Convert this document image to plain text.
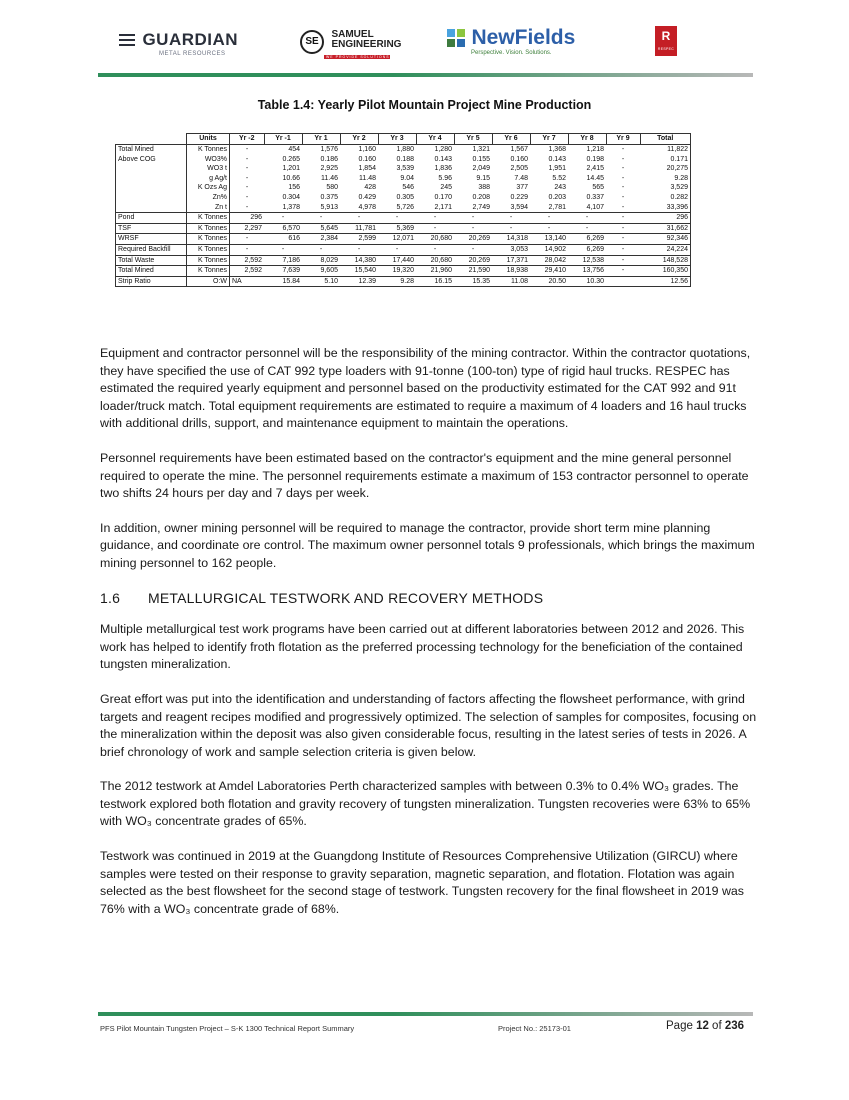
GUARDIAN
METAL RESOURCES
SE SAMUEL
ENGINEERING
WE PROVIDE SOLUTIONS
NewFields
Perspective. Vision. Solutions.
R
RESPEC
Table 1.4: Yearly Pilot Mountain Project Mine Production
	Units	Yr -2	Yr -1	Yr 1	Yr 2	Yr 3	Yr 4	Yr 5	Yr 6	Yr 7	Yr 8	Yr 9	Total
Total Mined	K Tonnes	-	454	1,576	1,160	1,880	1,280	1,321	1,567	1,368	1,218	-	11,822
Above COG	WO3%	-	0.265	0.186	0.160	0.188	0.143	0.155	0.160	0.143	0.198	-	0.171
	WO3 t	-	1,201	2,925	1,854	3,539	1,836	2,049	2,505	1,951	2,415	-	20,275
	g Ag/t	-	10.66	11.46	11.48	9.04	5.96	9.15	7.48	5.52	14.45	-	9.28
	K Ozs Ag	-	156	580	428	546	245	388	377	243	565	-	3,529
	Zn%	-	0.304	0.375	0.429	0.305	0.170	0.208	0.229	0.203	0.337	-	0.282
	Zn t	-	1,378	5,913	4,978	5,726	2,171	2,749	3,594	2,781	4,107	-	33,396
Pond	K Tonnes	296	-	-	-	-	-	-	-	-	-	-	296
TSF	K Tonnes	2,297	6,570	5,645	11,781	5,369	-	-	-	-	-	-	31,662
WRSF	K Tonnes	-	616	2,384	2,599	12,071	20,680	20,269	14,318	13,140	6,269	-	92,346
Required Backfill	K Tonnes	-	-	-	-	-	-	-	3,053	14,902	6,269	-	24,224
Total Waste	K Tonnes	2,592	7,186	8,029	14,380	17,440	20,680	20,269	17,371	28,042	12,538	-	148,528
Total Mined	K Tonnes	2,592	7,639	9,605	15,540	19,320	21,960	21,590	18,938	29,410	13,756	-	160,350
Strip Ratio	O:W	NA	15.84	5.10	12.39	9.28	16.15	15.35	11.08	20.50	10.30		12.56

Equipment and contractor personnel will be the responsibility of the mining contractor. Within the contractor quotations, they have specified the use of CAT 992 type loaders with 91-tonne (100-ton) type of rigid haul trucks. RESPEC has estimated the required yearly equipment and personnel based on the productivity estimated for the CAT 992 and 91t loader/truck match. Total equipment requirements are estimated to require a maximum of 4 loaders and 16 haul trucks with additional drills, support, and maintenance equipment to maintain the operations.

Personnel requirements have been estimated based on the contractor's equipment and the mine general personnel required to operate the mine. The personnel requirements estimate a maximum of 153 contractor personnel to operate two shifts 24 hours per day and 7 days per week.

In addition, owner mining personnel will be required to manage the contractor, provide short term mine planning guidance, and coordinate ore control. The maximum owner personnel totals 9 professionals, which brings the maximum mining personnel to 162 people.

1.6 METALLURGICAL TESTWORK AND RECOVERY METHODS

Multiple metallurgical test work programs have been carried out at different laboratories between 2012 and 2026. This work has helped to identify froth flotation as the preferred processing technology for the beneficiation of the contained tungsten mineralization.

Great effort was put into the identification and understanding of factors affecting the flowsheet performance, with grind targets and reagent recipes modified and progressively optimized. The selection of samples for composites, focusing on the mineralization within the deposit was also given considerable focus, resulting in the latest series of tests in 2026. A brief chronology of work and sample selection criteria is given below.

The 2012 testwork at Amdel Laboratories Perth characterized samples with between 0.3% to 0.4% WO₃ grades. The testwork explored both flotation and gravity recovery of tungsten mineralization. Tungsten recoveries were 63% to 65% with WO₃ concentrate grades of 65%.

Testwork was continued in 2019 at the Guangdong Institute of Resources Comprehensive Utilization (GIRCU) where samples were tested on their response to gravity separation, magnetic separation, and flotation. Flotation was again selected as the best flowsheet for the second stage of testwork. Tungsten recovery for the final flowsheet in 2019 was 76% with a WO₃ concentrate grade of 68%.

PFS Pilot Mountain Tungsten Project – S-K 1300 Technical Report Summary	Project No.: 25173-01	Page 12 of 236
